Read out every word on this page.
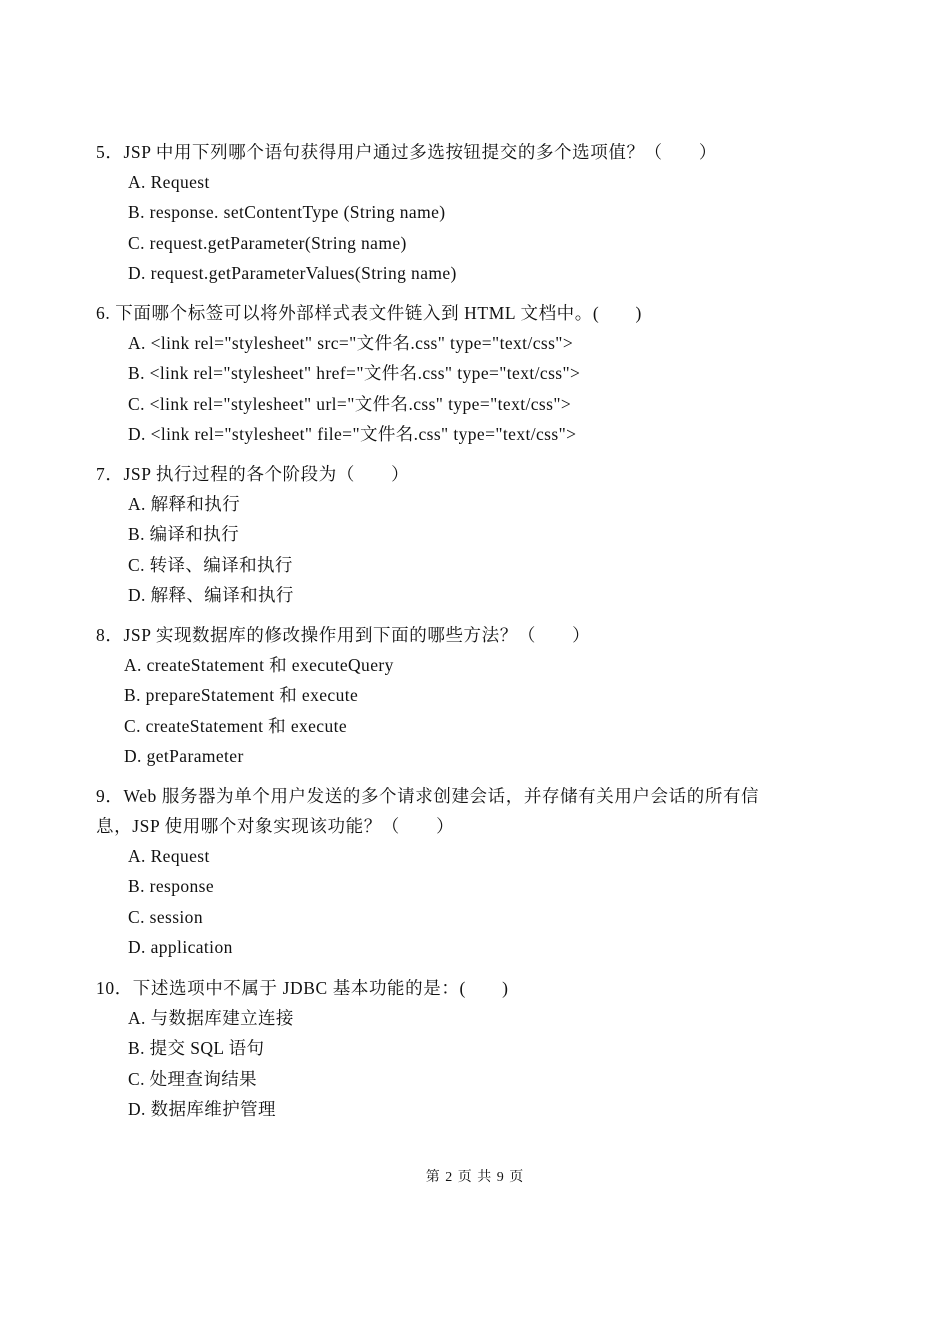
5．JSP 中用下列哪个语句获得用户通过多选按钮提交的多个选项值？（　　）
A. Request
B. response. setContentType (String name)
C. request.getParameter(String name)
D. request.getParameterValues(String name)
6. 下面哪个标签可以将外部样式表文件链入到 HTML 文档中。(　　)
A. <link rel="stylesheet" src="文件名.css" type="text/css">
B. <link rel="stylesheet" href="文件名.css" type="text/css">
C. <link rel="stylesheet" url="文件名.css" type="text/css">
D. <link rel="stylesheet" file="文件名.css" type="text/css">
7．JSP 执行过程的各个阶段为（　　）
A. 解释和执行
B. 编译和执行
C. 转译、编译和执行
D. 解释、编译和执行
8．JSP 实现数据库的修改操作用到下面的哪些方法？（　　）
A. createStatement 和 executeQuery
B. prepareStatement 和 execute
C. createStatement 和 execute
D. getParameter
9．Web 服务器为单个用户发送的多个请求创建会话，并存储有关用户会话的所有信息，JSP 使用哪个对象实现该功能？（　　）
A. Request
B. response
C. session
D. application
10．下述选项中不属于 JDBC 基本功能的是：(　　)
A. 与数据库建立连接
B. 提交 SQL 语句
C. 处理查询结果
D. 数据库维护管理
第 2 页 共 9 页
